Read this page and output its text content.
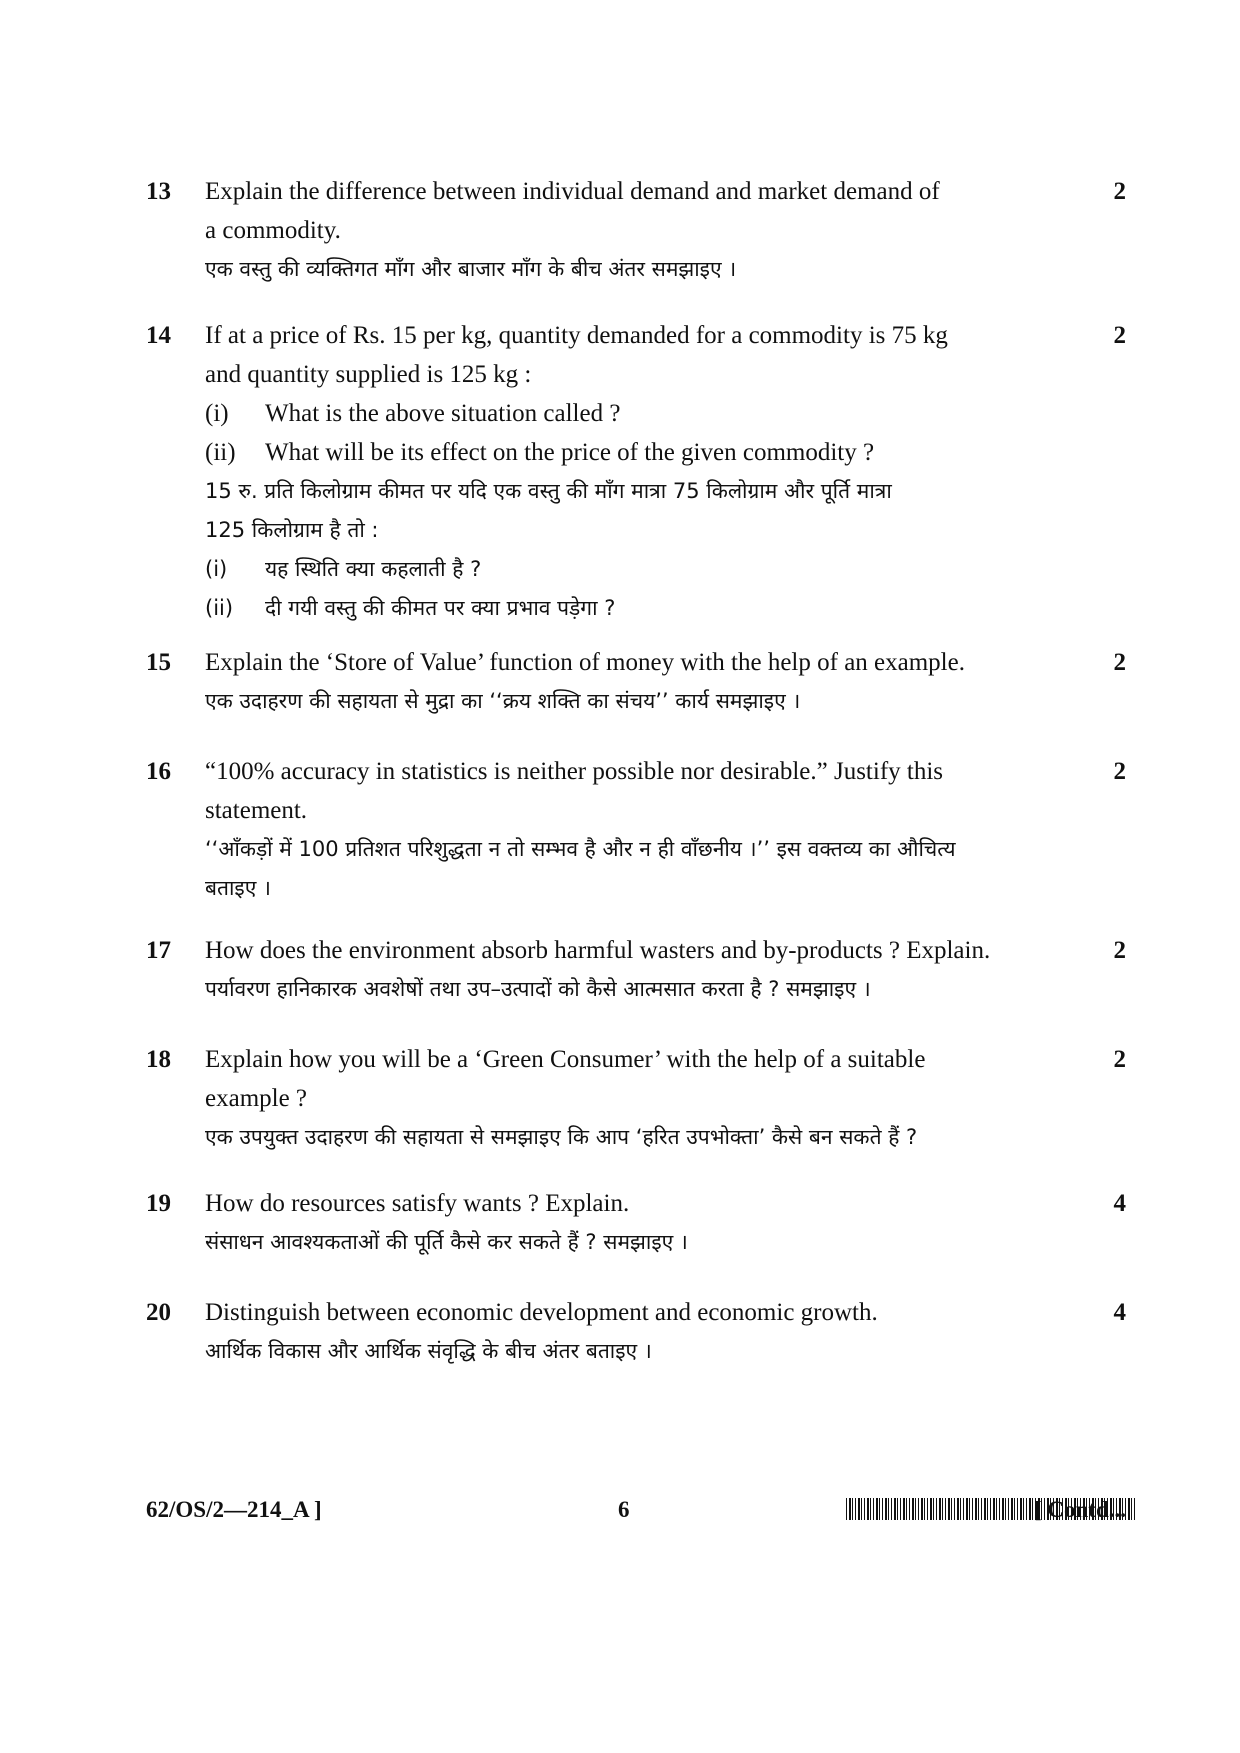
13	2

Explain the difference between individual demand and market demand of

a commodity.

एक वस्तु की व्यक्तिगत माँग और बाजार माँग के बीच अंतर समझाइए ।

14	2

If at a price of Rs. 15 per kg, quantity demanded for a commodity is 75 kg

and quantity supplied is 125 kg :

(i) What is the above situation called ?
(ii) What will be its effect on the price of the given commodity ?

15 रु. प्रति किलोग्राम कीमत पर यदि एक वस्तु की माँग मात्रा 75 किलोग्राम और पूर्ति मात्रा

125 किलोग्राम है तो :

(i) यह स्थिति क्या कहलाती है ?
(ii) दी गयी वस्तु की कीमत पर क्या प्रभाव पड़ेगा ?
15	2

Explain the ‘Store of Value’ function of money with the help of an example.

एक उदाहरण की सहायता से मुद्रा का ‘‘क्रय शक्ति का संचय’’ कार्य समझाइए ।

16	2

“100% accuracy in statistics is neither possible nor desirable.” Justify this

statement.

‘‘आँकड़ों में 100 प्रतिशत परिशुद्धता न तो सम्भव है और न ही वाँछनीय ।’’ इस वक्तव्य का औचित्य

बताइए ।

17	2

How does the environment absorb harmful wasters and by-products ? Explain.

पर्यावरण हानिकारक अवशेषों तथा उप–उत्पादों को कैसे आत्मसात करता है ? समझाइए ।

18	2

Explain how you will be a ‘Green Consumer’ with the help of a suitable

example ?

एक उपयुक्त उदाहरण की सहायता से समझाइए कि आप ‘हरित उपभोक्ता’ कैसे बन सकते हैं ?

19	4

How do resources satisfy wants ? Explain.

संसाधन आवश्यकताओं की पूर्ति कैसे कर सकते हैं ? समझाइए ।

20	4

Distinguish between economic development and economic growth.

आर्थिक विकास और आर्थिक संवृद्धि के बीच अंतर बताइए ।

62/OS/2—214_A ]	6	[ Contd...
